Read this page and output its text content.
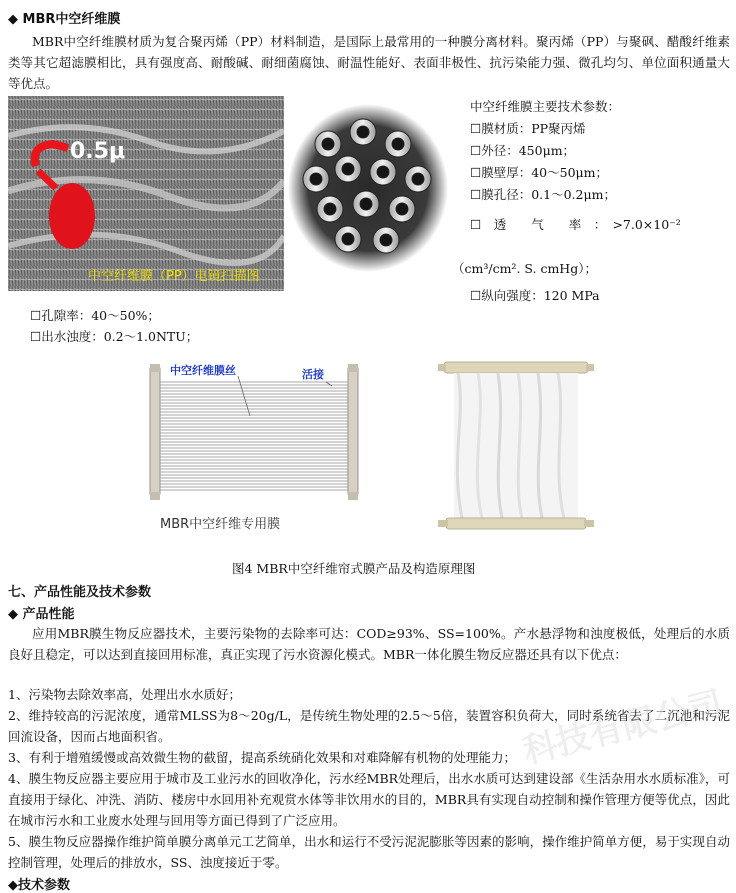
◆ MBR中空纤维膜
MBR中空纤维膜材质为复合聚丙烯（PP）材料制造，是国际上最常用的一种膜分离材料。聚丙烯（PP）与聚砜、醋酸纤维素类等其它超滤膜相比，具有强度高、耐酸碱、耐细菌腐蚀、耐温性能好、表面非极性、抗污染能力强、微孔均匀、单位面积通量大等优点。
0.5μ
中空纤维膜（PP）电镜扫描图
中空纤维膜主要技术参数：
☐膜材质：PP聚丙烯
☐外径：450μm；
☐膜壁厚：40～50μm；
☐膜孔径：0.1～0.2μm；
☐　透　　气　　率　：　>7.0×10⁻²
（cm³/cm². S. cmHg）；
☐纵向强度：120 MPa
☐孔隙率：40～50%；
☐出水浊度：0.2～1.0NTU；
中空纤维膜丝	活接
MBR中空纤维专用膜
图4 MBR中空纤维帘式膜产品及构造原理图
七、产品性能及技术参数
◆ 产品性能
应用MBR膜生物反应器技术，主要污染物的去除率可达：COD≥93%、SS=100%。产水悬浮物和浊度极低，处理后的水质良好且稳定，可以达到直接回用标准，真正实现了污水资源化模式。MBR一体化膜生物反应器还具有以下优点：
1、污染物去除效率高，处理出水水质好；
2、维持较高的污泥浓度，通常MLSS为8～20g/L，是传统生物处理的2.5～5倍，装置容积负荷大，同时系统省去了二沉池和污泥回流设备，因而占地面积省。
3、有利于增殖缓慢或高效微生物的截留，提高系统硝化效果和对难降解有机物的处理能力；
4、膜生物反应器主要应用于城市及工业污水的回收净化，污水经MBR处理后，出水水质可达到建设部《生活杂用水水质标准》，可直接用于绿化、冲洗、消防、楼房中水回用补充观赏水体等非饮用水的目的，MBR具有实现自动控制和操作管理方便等优点，因此在城市污水和工业废水处理与回用等方面已得到了广泛应用。
5、膜生物反应器操作维护简单膜分离单元工艺简单，出水和运行不受污泥泥膨胀等因素的影响，操作维护简单方便，易于实现自动控制管理，处理后的排放水，SS、浊度接近于零。
◆技术参数
科技有限公司
